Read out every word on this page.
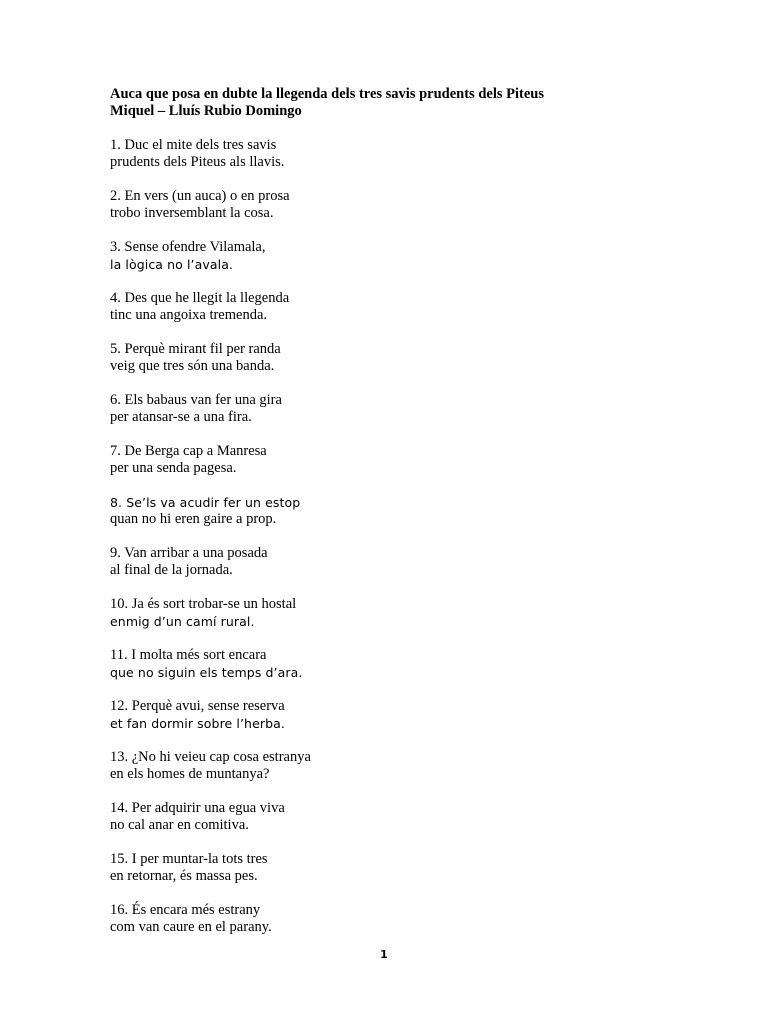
Auca que posa en dubte la llegenda dels tres savis prudents dels Piteus
Miquel – Lluís Rubio Domingo
1. Duc el mite dels tres savis
prudents dels Piteus als llavis.
2. En vers (un auca) o en prosa
trobo inversemblant la cosa.
3. Sense ofendre Vilamala,
la lògica no l’avala.
4. Des que he llegit la llegenda
tinc una angoixa tremenda.
5. Perquè mirant fil per randa
veig que tres són una banda.
6. Els babaus van fer una gira
per atansar-se a una fira.
7. De Berga cap a Manresa
per una senda pagesa.
8. Se’ls va acudir fer un estop
quan no hi eren gaire a prop.
9. Van arribar a una posada
al final de la jornada.
10. Ja és sort trobar-se un hostal
enmig d’un camí rural.
11. I molta més sort encara
que no siguin els temps d’ara.
12. Perquè avui, sense reserva
et fan dormir sobre l’herba.
13. ¿No hi veieu cap cosa estranya
en els homes de muntanya?
14. Per adquirir una egua viva
no cal anar en comitiva.
15. I per muntar-la tots tres
en retornar, és massa pes.
16. És encara més estrany
com van caure en el parany.
1
